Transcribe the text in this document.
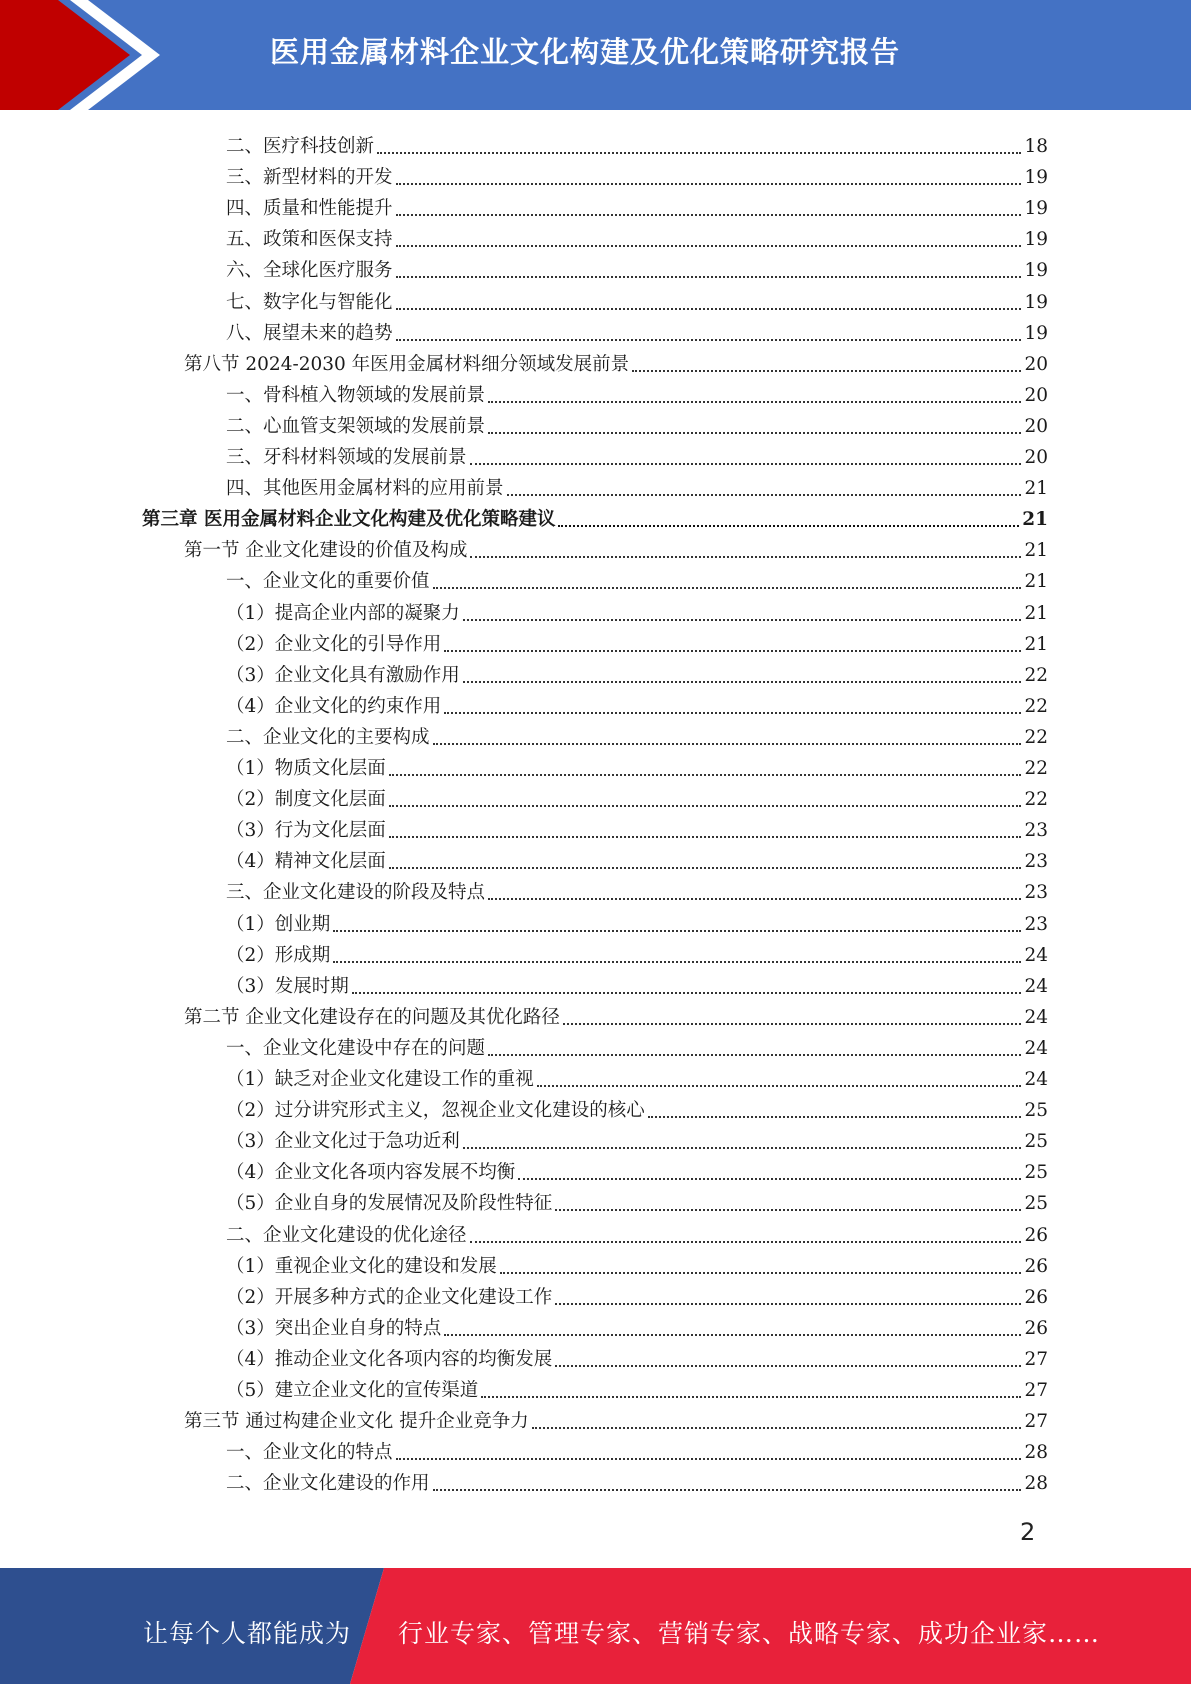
医用金属材料企业文化构建及优化策略研究报告
二、医疗科技创新	18
三、新型材料的开发	19
四、质量和性能提升	19
五、政策和医保支持	19
六、全球化医疗服务	19
七、数字化与智能化	19
八、展望未来的趋势	19
第八节 2024-2030 年医用金属材料细分领域发展前景	20
一、骨科植入物领域的发展前景	20
二、心血管支架领域的发展前景	20
三、牙科材料领域的发展前景	20
四、其他医用金属材料的应用前景	21
第三章 医用金属材料企业文化构建及优化策略建议	21
第一节 企业文化建设的价值及构成	21
一、企业文化的重要价值	21
（1）提高企业内部的凝聚力	21
（2）企业文化的引导作用	21
（3）企业文化具有激励作用	22
（4）企业文化的约束作用	22
二、企业文化的主要构成	22
（1）物质文化层面	22
（2）制度文化层面	22
（3）行为文化层面	23
（4）精神文化层面	23
三、企业文化建设的阶段及特点	23
（1）创业期	23
（2）形成期	24
（3）发展时期	24
第二节 企业文化建设存在的问题及其优化路径	24
一、企业文化建设中存在的问题	24
（1）缺乏对企业文化建设工作的重视	24
（2）过分讲究形式主义，忽视企业文化建设的核心	25
（3）企业文化过于急功近利	25
（4）企业文化各项内容发展不均衡	25
（5）企业自身的发展情况及阶段性特征	25
二、企业文化建设的优化途径	26
（1）重视企业文化的建设和发展	26
（2）开展多种方式的企业文化建设工作	26
（3）突出企业自身的特点	26
（4）推动企业文化各项内容的均衡发展	27
（5）建立企业文化的宣传渠道	27
第三节 通过构建企业文化 提升企业竞争力	27
一、企业文化的特点	28
二、企业文化建设的作用	28
2
让每个人都能成为 行业专家、管理专家、营销专家、战略专家、成功企业家……
